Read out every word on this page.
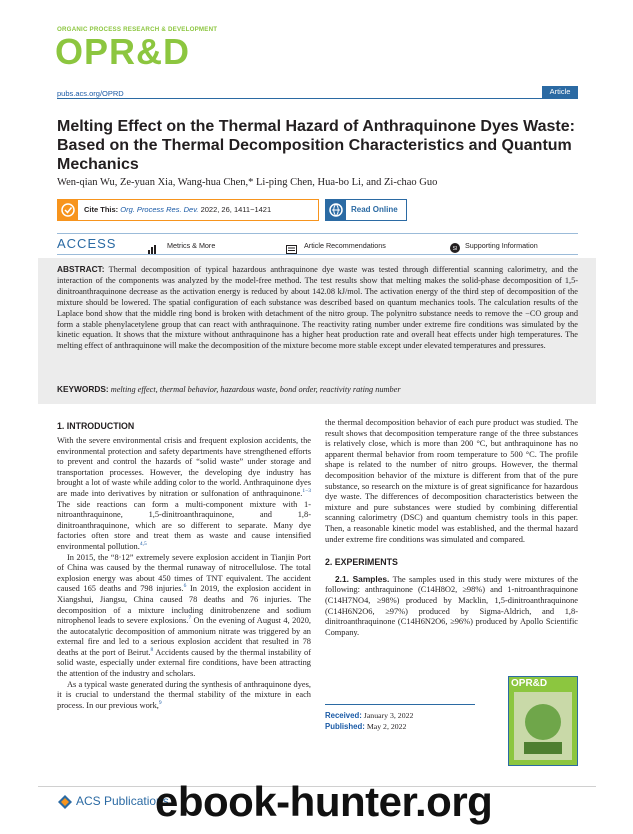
ORGANIC PROCESS RESEARCH & DEVELOPMENT
OPR&D
pubs.acs.org/OPRD	Article
Melting Effect on the Thermal Hazard of Anthraquinone Dyes Waste: Based on the Thermal Decomposition Characteristics and Quantum Mechanics
Wen-qian Wu, Ze-yuan Xia, Wang-hua Chen,* Li-ping Chen, Hua-bo Li, and Zi-chao Guo
Cite This: Org. Process Res. Dev. 2022, 26, 1411−1421	Read Online
ACCESS	Metrics & More	Article Recommendations	SI Supporting Information
ABSTRACT: Thermal decomposition of typical hazardous anthraquinone dye waste was tested through differential scanning calorimetry, and the interaction of the components was analyzed by the model-free method. The test results show that melting makes the solid-phase decomposition of 1,5-dinitroanthraquinone decrease as the activation energy is reduced by about 142.08 kJ/mol. The activation energy of the third step of decomposition of the mixture should be lowered. The spatial configuration of each substance was described based on quantum mechanics tools. The calculation results of the Laplace bond show that the middle ring bond is broken with detachment of the nitro group. The polynitro substance needs to remove the −CO group and form a stable phenylacetylene group that can react with anthraquinone. The reactivity rating number under extreme fire conditions was simulated by the kinetic equation. It shows that the mixture without anthraquinone has a higher heat production rate and overall heat effects under high temperatures. The melting effect of anthraquinone will make the decomposition of the mixture become more stable except under elevated temperatures and pressures.
KEYWORDS: melting effect, thermal behavior, hazardous waste, bond order, reactivity rating number
1. INTRODUCTION

With the severe environmental crisis and frequent explosion accidents, the environmental protection and safety departments have strengthened efforts to prevent and control the hazards of “solid waste” under storage and transportation processes. However, the developing dye industry has brought a lot of waste while adding color to the world. Anthraquinone dyes are made into derivatives by nitration or sulfonation of anthraquinone.$^{1-3}$ The side reactions can form a multi-component mixture with 1-nitroanthraquinone, 1,5-dinitroanthraquinone, and 1,8-dinitroanthraquinone, which are so different to separate. Many dye factories often store and treat them as waste and cause intensified environmental pollution.$^{4,5}$

In 2015, the “8·12” extremely severe explosion accident in Tianjin Port of China was caused by the thermal runaway of nitrocellulose. The total explosion energy was about 450 times of TNT equivalent. The accident caused 165 deaths and 798 injuries.$^6$ In 2019, the explosion accident in Xiangshui, Jiangsu, China caused 78 deaths and 76 injuries. The decomposition of a mixture including dinitrobenzene and sodium nitrophenol leads to severe explosions.$^7$ On the evening of August 4, 2020, the autocatalytic decomposition of ammonium nitrate was triggered by an external fire and led to a serious explosion accident that resulted in 78 deaths at the port of Beirut.$^8$ Accidents caused by the thermal instability of solid waste, especially under external fire conditions, have been attracting the attention of the industry and scholars.

As a typical waste generated during the synthesis of anthraquinone dyes, it is crucial to understand the thermal stability of the mixture in each process. In our previous work,$^9$

the thermal decomposition behavior of each pure product was studied. The result shows that decomposition temperature range of the three substances is relatively close, which is more than 200 °C, but anthraquinone has no apparent thermal behavior from room temperature to 500 °C. The profile shape is related to the number of nitro groups. However, the thermal decomposition behavior of the mixture is different from that of the pure substance, so research on the mixture is of great significance for hazardous dye waste. The differences of decomposition characteristics between the mixture and pure substances were studied by combining differential scanning calorimetry (DSC) and quantum chemistry tools in this paper. Then, a reasonable kinetic model was established, and the thermal hazard under extreme fire conditions was simulated and compared.

2. EXPERIMENTS

2.1. Samples. The samples used in this study were mixtures of the following: anthraquinone (C14H8O2, ≥98%) and 1-nitroanthraquinone (C14H7NO4, ≥98%) produced by Macklin, 1,5-dinitroanthraquinone (C14H6N2O6, ≥97%) produced by Sigma-Aldrich, and 1,8-dinitroanthraquinone (C14H6N2O6, ≥96%) produced by Apollo Scientific Company.

Received: January 3, 2022
Published: May 2, 2022
OPR&D
ACS Publications
ebook-hunter.org
